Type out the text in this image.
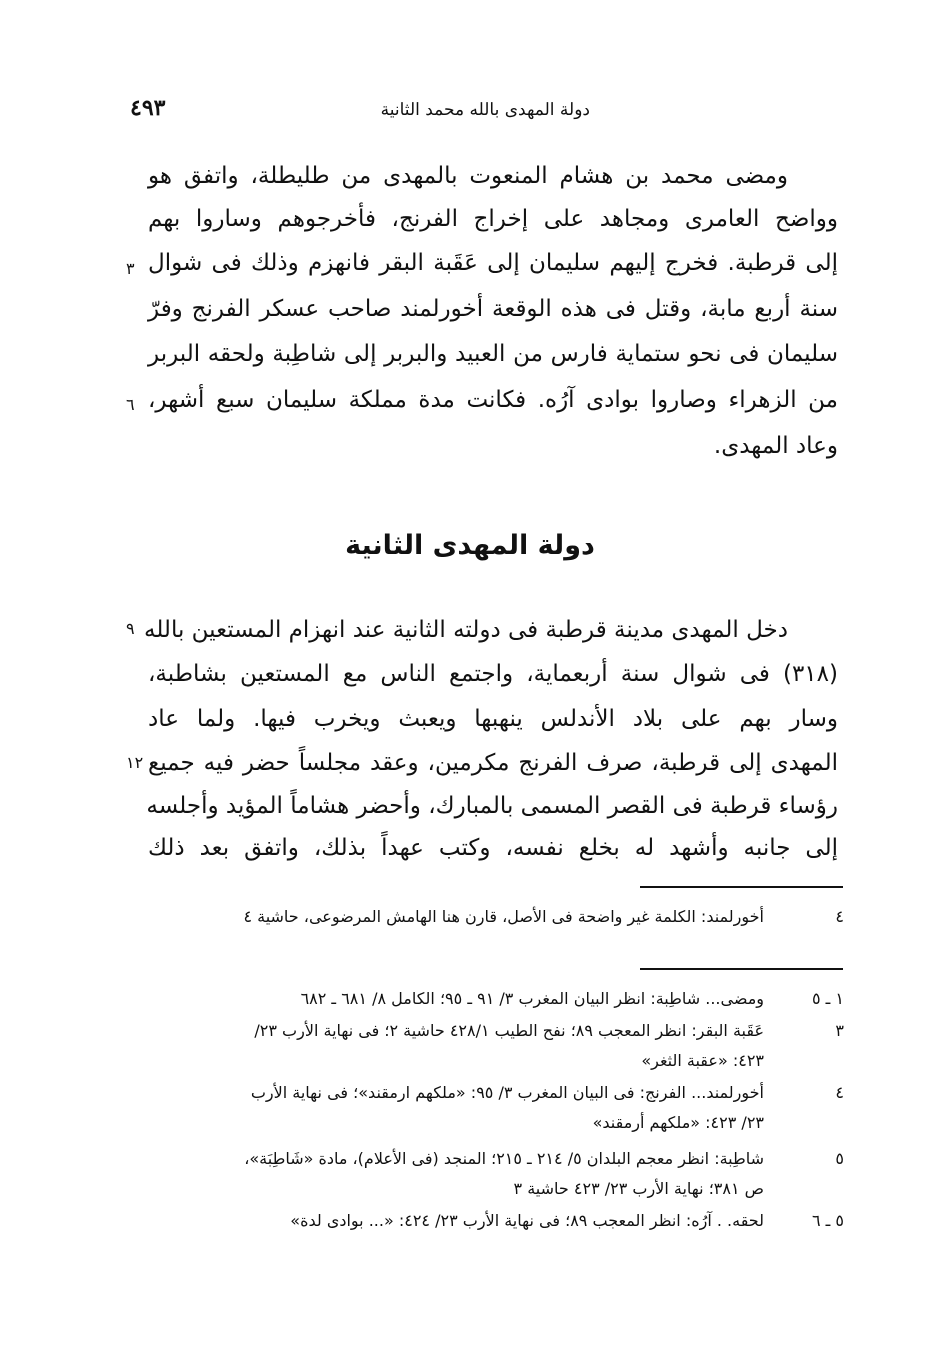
دولة المهدى بالله محمد الثانية
٤٩٣
ومضى محمد بن هشام المنعوت بالمهدى من طليطلة، واتفق هو
وواضح العامرى ومجاهد على إخراج الفرنج، فأخرجوهم وساروا بهم
إلى قرطبة. فخرج إليهم سليمان إلى عَقَبة البقر فانهزم وذلك فى شوال
سنة أربع مابة، وقتل فى هذه الوقعة أخورلمند صاحب عسكر الفرنج وفرّ
سليمان فى نحو ستماية فارس من العبيد والبربر إلى شاطِبة ولحقه البربر
من الزهراء وصاروا بوادى آرُه. فكانت مدة مملكة سليمان سبع أشهر،
وعاد المهدى.
٣
٦
دولة المهدى الثانية
دخل المهدى مدينة قرطبة فى دولته الثانية عند انهزام المستعين بالله
(٣١٨) فى شوال سنة أربعماية، واجتمع الناس مع المستعين بشاطبة،
وسار بهم على بلاد الأندلس ينهبها ويعبث ويخرب فيها. ولما عاد
المهدى إلى قرطبة، صرف الفرنج مكرمين، وعقد مجلساً حضر فيه جميع
رؤساء قرطبة فى القصر المسمى بالمبارك، وأحضر هشاماً المؤيد وأجلسه
إلى جانبه وأشهد له بخلع نفسه، وكتب عهداً بذلك، واتفق بعد ذلك
٩
١٢
٤
أخورلمند: الكلمة غير واضحة فى الأصل، قارن هنا الهامش المرضوعى، حاشية ٤
١ ـ ٥
ومضى... شاطِبة: انظر البيان المغرب ٣/ ٩١ ـ ٩٥؛ الكامل ٨/ ٦٨١ ـ ٦٨٢
٣
عَقَبة البقر: انظر المعجب ٨٩؛ نفح الطيب ٤٢٨/١ حاشية ٢؛ فى نهاية الأرب ٢٣/
٤٢٣: «عقبة الثغر»
٤
أخورلمند... الفرنج: فى البيان المغرب ٣/ ٩٥: «ملكهم ارمقند»؛ فى نهاية الأرب
٢٣/ ٤٢٣: «ملكهم أرمقند»
٥
شاطِبة: انظر معجم البلدان ٥/ ٢١٤ ـ ٢١٥؛ المنجد (فى الأعلام)، مادة «شَاطِبَة»،
ص ٣٨١؛ نهاية الأرب ٢٣/ ٤٢٣ حاشية ٣
٥ ـ ٦
لحقه. . آرُه: انظر المعجب ٨٩؛ فى نهاية الأرب ٢٣/ ٤٢٤: «... بوادى لدة»
